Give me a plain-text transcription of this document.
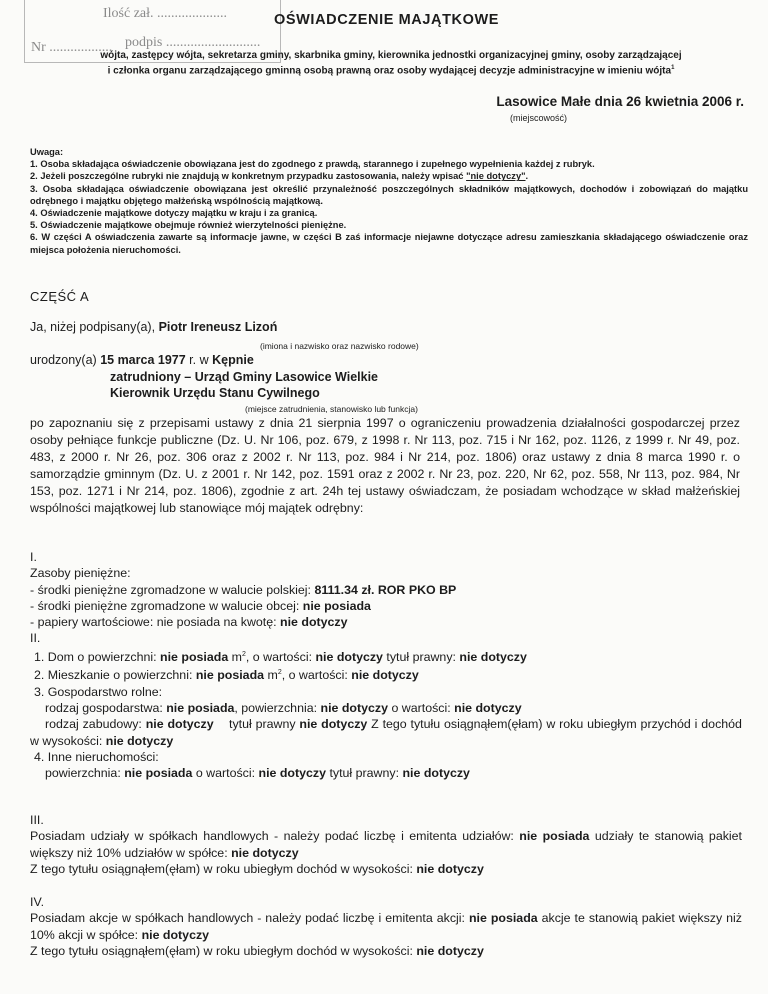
Ilość zał. ....................
Nr .................. podpis ...........................
OŚWIADCZENIE MAJĄTKOWE
wójta, zastępcy wójta, sekretarza gminy, skarbnika gminy, kierownika jednostki organizacyjnej gminy, osoby zarządzającej
i członka organu zarządzającego gminną osobą prawną oraz osoby wydającej decyzje administracyjne w imieniu wójta$^1$
Lasowice Małe dnia 26 kwietnia 2006 r.
(miejscowość)

Uwaga:

1. Osoba składająca oświadczenie obowiązana jest do zgodnego z prawdą, starannego i zupełnego wypełnienia każdej z rubryk.

2. Jeżeli poszczególne rubryki nie znajdują w konkretnym przypadku zastosowania, należy wpisać "nie dotyczy".

3. Osoba składająca oświadczenie obowiązana jest określić przynależność poszczególnych składników majątkowych, dochodów i zobowiązań do majątku odrębnego i majątku objętego małżeńską wspólnością majątkową.

4. Oświadczenie majątkowe dotyczy majątku w kraju i za granicą.

5. Oświadczenie majątkowe obejmuje również wierzytelności pieniężne.

6. W części A oświadczenia zawarte są informacje jawne, w części B zaś informacje niejawne dotyczące adresu zamieszkania składającego oświadczenie oraz miejsca położenia nieruchomości.

CZĘŚĆ A
Ja, niżej podpisany(a), Piotr Ireneusz Lizoń
(imiona i nazwisko oraz nazwisko rodowe)
urodzony(a) 15 marca 1977 r. w Kępnie
zatrudniony – Urząd Gminy Lasowice Wielkie
Kierownik Urzędu Stanu Cywilnego
(miejsce zatrudnienia, stanowisko lub funkcja)

po zapoznaniu się z przepisami ustawy z dnia 21 sierpnia 1997 o ograniczeniu prowadzenia działalności gospodarczej przez osoby pełniące funkcje publiczne (Dz. U. Nr 106, poz. 679, z 1998 r. Nr 113, poz. 715 i Nr 162, poz. 1126, z 1999 r. Nr 49, poz. 483, z 2000 r. Nr 26, poz. 306 oraz z 2002 r. Nr 113, poz. 984 i Nr 214, poz. 1806) oraz ustawy z dnia 8 marca 1990 r. o samorządzie gminnym (Dz. U. z 2001 r. Nr 142, poz. 1591 oraz z 2002 r. Nr 23, poz. 220, Nr 62, poz. 558, Nr 113, poz. 984, Nr 153, poz. 1271 i Nr 214, poz. 1806), zgodnie z art. 24h tej ustawy oświadczam, że posiadam wchodzące w skład małżeńskiej wspólności majątkowej lub stanowiące mój majątek odrębny:

I.

Zasoby pieniężne:

- środki pieniężne zgromadzone w walucie polskiej: 8111.34 zł. ROR PKO BP

- środki pieniężne zgromadzone w walucie obcej: nie posiada

- papiery wartościowe: nie posiada na kwotę: nie dotyczy

II.

1. Dom o powierzchni: nie posiada $m^2$, o wartości: nie dotyczy tytuł prawny: nie dotyczy

2. Mieszkanie o powierzchni: nie posiada $m^2$, o wartości: nie dotyczy

3. Gospodarstwo rolne:

rodzaj gospodarstwa: nie posiada, powierzchnia: nie dotyczy o wartości: nie dotyczy

rodzaj zabudowy: nie dotyczy tytuł prawny nie dotyczy Z tego tytułu osiągnąłem(ęłam) w roku ubiegłym przychód i dochód w wysokości: nie dotyczy

4. Inne nieruchomości:

powierzchnia: nie posiada o wartości: nie dotyczy tytuł prawny: nie dotyczy

III.

Posiadam udziały w spółkach handlowych - należy podać liczbę i emitenta udziałów: nie posiada udziały te stanowią pakiet większy niż 10% udziałów w spółce: nie dotyczy

Z tego tytułu osiągnąłem(ęłam) w roku ubiegłym dochód w wysokości: nie dotyczy

IV.

Posiadam akcje w spółkach handlowych - należy podać liczbę i emitenta akcji: nie posiada akcje te stanowią pakiet większy niż 10% akcji w spółce: nie dotyczy

Z tego tytułu osiągnąłem(ęłam) w roku ubiegłym dochód w wysokości: nie dotyczy
